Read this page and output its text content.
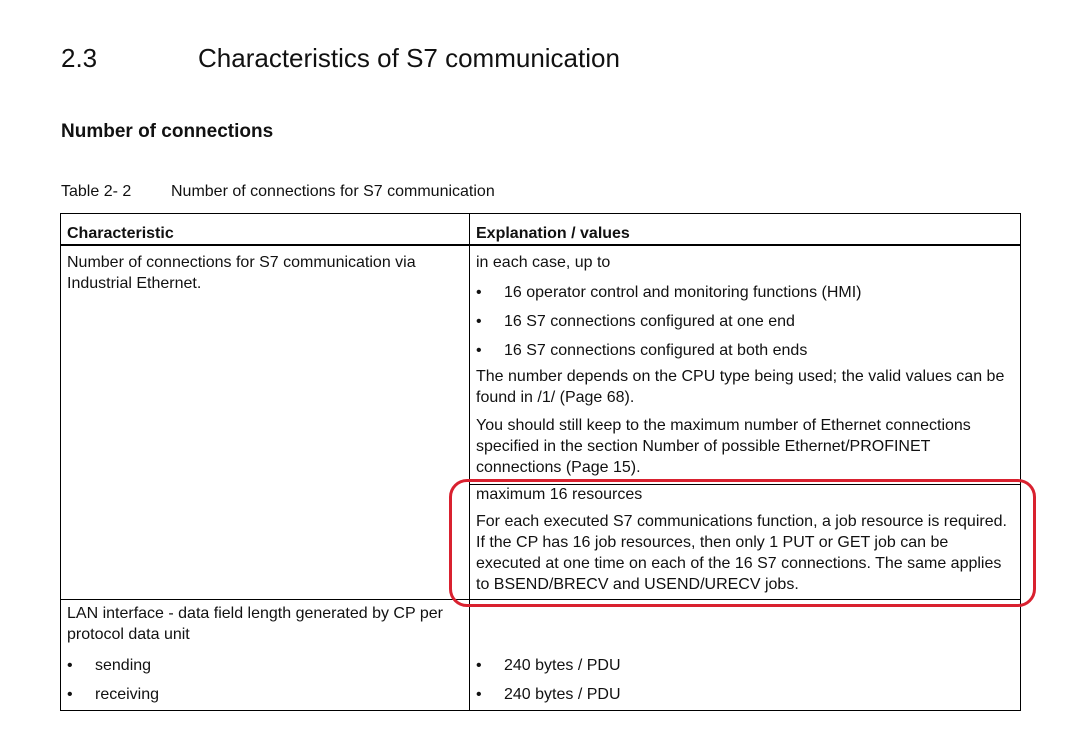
2.3	Characteristics of S7 communication
Number of connections
Table 2- 2 Number of connections for S7 communication
Characteristic	Explanation / values
Number of connections for S7 communication via Industrial Ethernet.
in each case, up to
• 16 operator control and monitoring functions (HMI)
• 16 S7 connections configured at one end
• 16 S7 connections configured at both ends
The number depends on the CPU type being used; the valid values can be found in /1/ (Page 68).
You should still keep to the maximum number of Ethernet connections specified in the section Number of possible Ethernet/PROFINET connections (Page 15).
maximum 16 resources
For each executed S7 communications function, a job resource is required. If the CP has 16 job resources, then only 1 PUT or GET job can be executed at one time on each of the 16 S7 connections. The same applies to BSEND/BRECV and USEND/URECV jobs.
LAN interface - data field length generated by CP per protocol data unit
• sending
• receiving
• 240 bytes / PDU
• 240 bytes / PDU
